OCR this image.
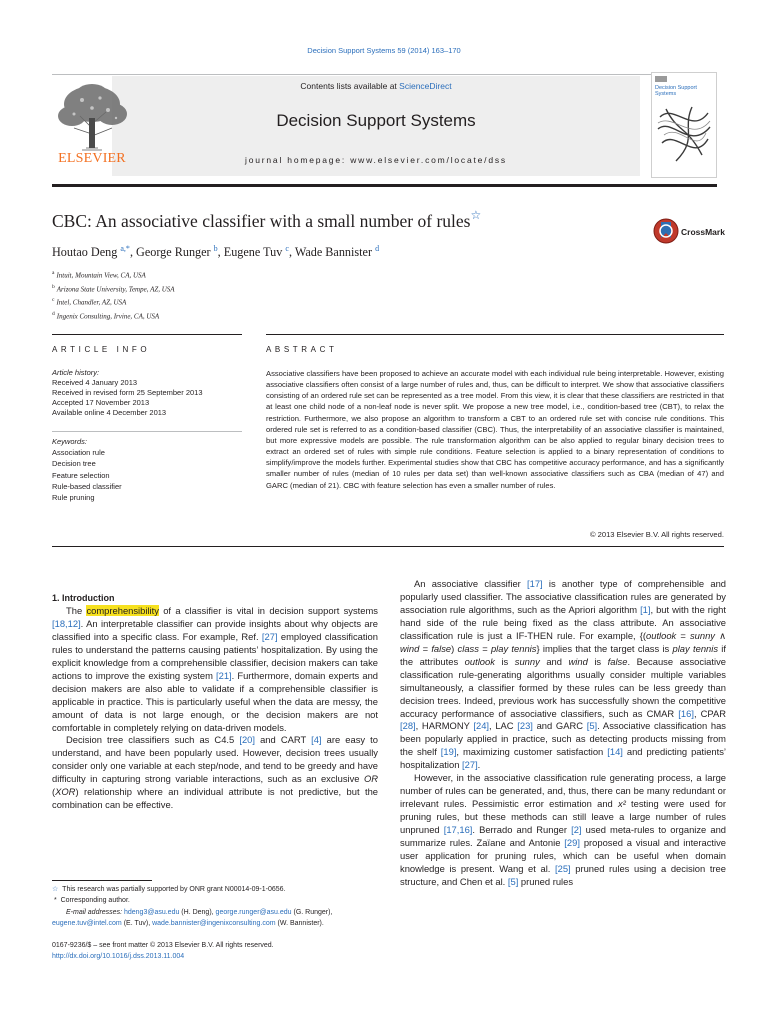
Decision Support Systems 59 (2014) 163–170
ELSEVIER
Contents lists available at ScienceDirect
Decision Support Systems
journal homepage: www.elsevier.com/locate/dss
Decision Support Systems
CBC: An associative classifier with a small number of rules☆
CrossMark
Houtao Deng $^{a,*}$, George Runger $^b$, Eugene Tuv $^c$, Wade Bannister $^d$
$^a$ Intuit, Mountain View, CA, USA
$^b$ Arizona State University, Tempe, AZ, USA
$^c$ Intel, Chandler, AZ, USA
$^d$ Ingenix Consulting, Irvine, CA, USA
ARTICLE INFO	ABSTRACT
Article history:
Received 4 January 2013
Received in revised form 25 September 2013
Accepted 17 November 2013
Available online 4 December 2013
Keywords:
Association rule
Decision tree
Feature selection
Rule-based classifier
Rule pruning
Associative classifiers have been proposed to achieve an accurate model with each individual rule being interpretable. However, existing associative classifiers often consist of a large number of rules and, thus, can be difficult to interpret. We show that associative classifiers consisting of an ordered rule set can be represented as a tree model. From this view, it is clear that these classifiers are restricted in that at least one child node of a non-leaf node is never split. We propose a new tree model, i.e., condition-based tree (CBT), to relax the restriction. Furthermore, we also propose an algorithm to transform a CBT to an ordered rule set with concise rule conditions. This ordered rule set is referred to as a condition-based classifier (CBC). Thus, the interpretability of an associative classifier is maintained, but more expressive models are possible. The rule transformation algorithm can be also applied to regular binary decision trees to extract an ordered set of rules with simple rule conditions. Feature selection is applied to a binary representation of conditions to simplify/improve the models further. Experimental studies show that CBC has competitive accuracy performance, and has a significantly smaller number of rules (median of 10 rules per data set) than well-known associative classifiers such as CBA (median of 47) and GARC (median of 21). CBC with feature selection has even a smaller number of rules.
© 2013 Elsevier B.V. All rights reserved.

1. Introduction

The comprehensibility of a classifier is vital in decision support systems [18,12]. An interpretable classifier can provide insights about why objects are classified into a specific class. For example, Ref. [27] employed classification rules to understand the patterns causing patients’ hospitalization. By using the explicit knowledge from a comprehensible classifier, decision makers can take actions to improve the existing system [21]. Furthermore, domain experts and decision makers are also able to validate if a comprehensible classifier is applicable in practice. This is particularly useful when the data are messy, the amount of data is not large enough, or the decision makers are not comfortable in completely relying on data-driven models.

Decision tree classifiers such as C4.5 [20] and CART [4] are easy to understand, and have been popularly used. However, decision trees usually consider only one variable at each step/node, and tend to be greedy and have difficulty in capturing strong variable interactions, such as an exclusive OR (XOR) relationship where an individual attribute is not predictive, but the combination can be effective.

An associative classifier [17] is another type of comprehensible and popularly used classifier. The associative classification rules are generated by association rule algorithms, such as the Apriori algorithm [1], but with the right hand side of the rule being fixed as the class attribute. An associative classification rule is just a IF-THEN rule. For example, {(outlook = sunny ∧ wind = false) class = play tennis} implies that the target class is play tennis if the attributes outlook is sunny and wind is false. Because associative classification rule-generating algorithms usually consider multiple variables simultaneously, a classifier formed by these rules can be less greedy than decision trees. Indeed, previous work has successfully shown the competitive accuracy performance of associative classifiers, such as CMAR [16], CPAR [28], HARMONY [24], LAC [23] and GARC [5]. Associative classification has been popularly applied in practice, such as detecting products missing from the shelf [19], maximizing customer satisfaction [14] and predicting patients’ hospitalization [27].

However, in the associative classification rule generating process, a large number of rules can be generated, and, thus, there can be many redundant or irrelevant rules. Pessimistic error estimation and x² testing were used for pruning rules, but these methods can still leave a large number of rules unpruned [17,16]. Berrado and Runger [2] used meta-rules to organize and summarize rules. Zaïane and Antonie [29] proposed a visual and interactive user application for pruning rules, which can be useful when domain knowledge is present. Wang et al. [25] pruned rules using a decision tree structure, and Chen et al. [5] pruned rules

☆ This research was partially supported by ONR grant N00014-09-1-0656.
* Corresponding author.
E-mail addresses: hdeng3@asu.edu (H. Deng), george.runger@asu.edu (G. Runger),
eugene.tuv@intel.com (E. Tuv), wade.bannister@ingenixconsulting.com (W. Bannister).
0167-9236/$ – see front matter © 2013 Elsevier B.V. All rights reserved.
http://dx.doi.org/10.1016/j.dss.2013.11.004
